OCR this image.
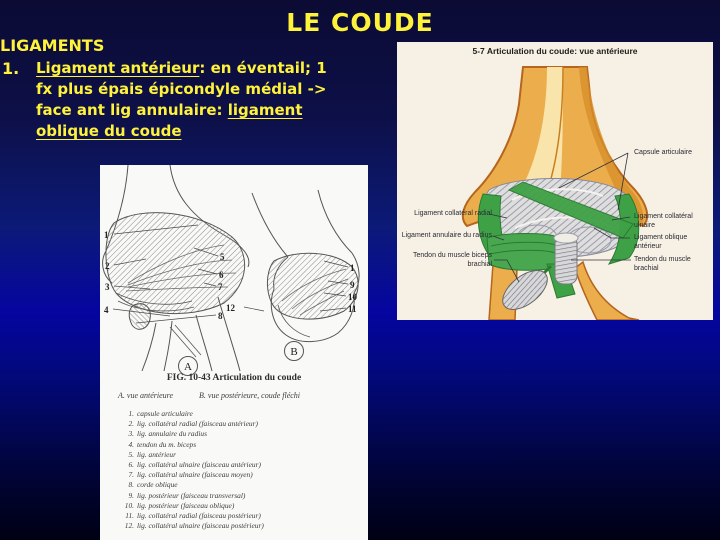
LE COUDE
LIGAMENTS
1.	Ligament antérieur: en éventail; 1 fx plus épais épicondyle médial -> face ant lig annulaire: ligament oblique du coude
A
1
2
3
4
5
6
7
8
B
1
9
10
11
12
FIG. 10-43 Articulation du coude
A. vue antérieure	B. vue postérieure, coude fléchi
1. capsule articulaire
2. lig. collatéral radial (faisceau antérieur)
3. lig. annulaire du radius
4. tendon du m. biceps
5. lig. antérieur
6. lig. collatéral ulnaire (faisceau antérieur)
7. lig. collatéral ulnaire (faisceau moyen)
8. corde oblique
9. lig. postérieur (faisceau transversal)
10. lig. postérieur (faisceau oblique)
11. lig. collatéral radial (faisceau postérieur)
12. lig. collatéral ulnaire (faisceau postérieur)
5-7 Articulation du coude: vue antérieure
Ligament collatéral radial
Ligament annulaire du radius
Tendon du muscle biceps brachial
Capsule articulaire
Ligament collatéral ulnaire
Ligament oblique antérieur
Tendon du muscle brachial
